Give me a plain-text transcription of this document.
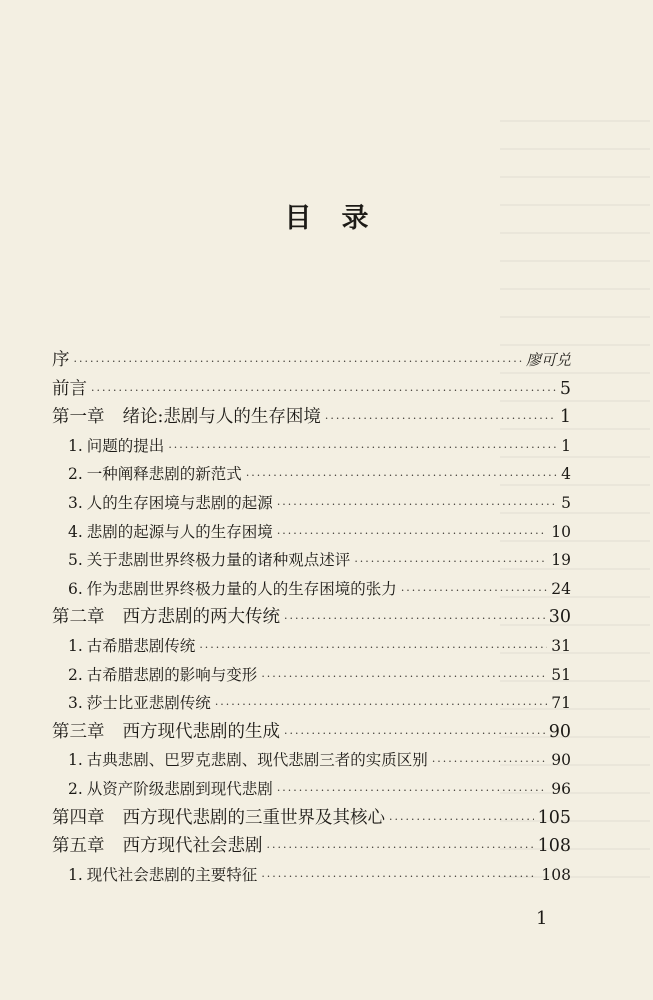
目录
序 ·····	廖可兑
前言 ·····	5
第一章 绪论:悲剧与人的生存困境 ·····	1
1. 问题的提出 ·····	1
2. 一种阐释悲剧的新范式 ·····	4
3. 人的生存困境与悲剧的起源 ·····	5
4. 悲剧的起源与人的生存困境 ·····	10
5. 关于悲剧世界终极力量的诸种观点述评 ·····	19
6. 作为悲剧世界终极力量的人的生存困境的张力 ·····	24
第二章 西方悲剧的两大传统 ·····	30
1. 古希腊悲剧传统 ·····	31
2. 古希腊悲剧的影响与变形 ·····	51
3. 莎士比亚悲剧传统 ·····	71
第三章 西方现代悲剧的生成 ·····	90
1. 古典悲剧、巴罗克悲剧、现代悲剧三者的实质区别 ·····	90
2. 从资产阶级悲剧到现代悲剧 ·····	96
第四章 西方现代悲剧的三重世界及其核心 ·····	105
第五章 西方现代社会悲剧 ·····	108
1. 现代社会悲剧的主要特征 ·····	108
1
